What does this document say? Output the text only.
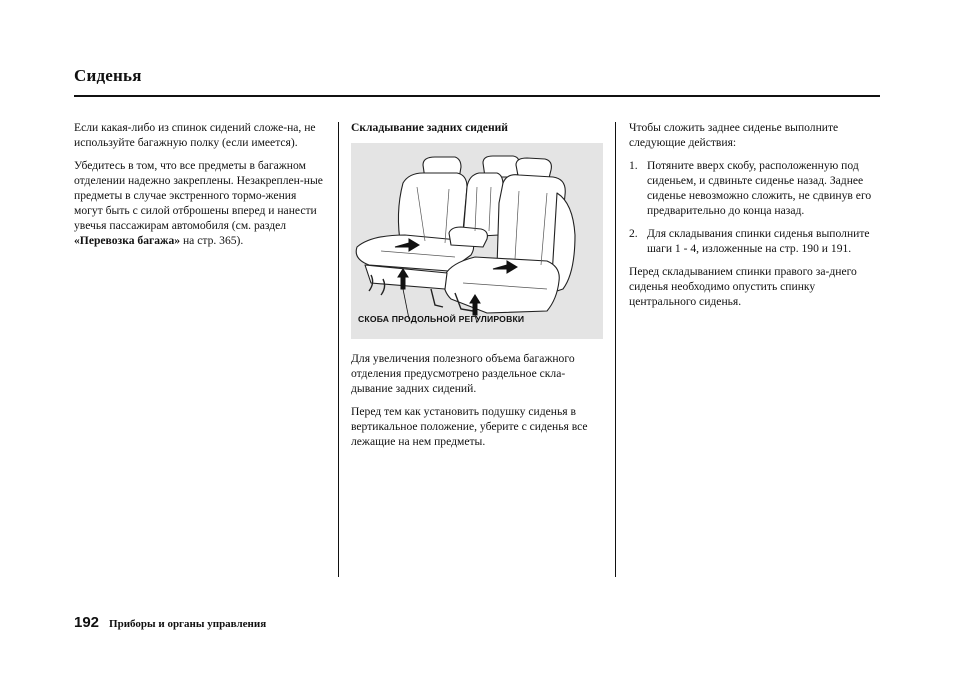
Сиденья

Если какая-либо из спинок сидений сложе-на, не используйте багажную полку (если имеется).

Убедитесь в том, что все предметы в багажном отделении надежно закреплены. Незакреплен-ные предметы в случае экстренного тормо-жения могут быть с силой отброшены вперед и нанести увечья пассажирам автомобиля (см. раздел «Перевозка багажа» на стр. 365).

Складывание задних сидений
СКОБА ПРОДОЛЬНОЙ РЕГУЛИРОВКИ

Для увеличения полезного объема багажного отделения предусмотрено раздельное скла-дывание задних сидений.

Перед тем как установить подушку сиденья в вертикальное положение, уберите с сиденья все лежащие на нем предметы.

Чтобы сложить заднее сиденье выполните следующие действия:

1. Потяните вверх скобу, расположенную под сиденьем, и сдвиньте сиденье назад. Заднее сиденье невозможно сложить, не сдвинув его предварительно до конца назад.
2. Для складывания спинки сиденья выполните шаги 1 - 4, изложенные на стр. 190 и 191.

Перед складыванием спинки правого за-днего сиденья необходимо опустить спинку центрального сиденья.

192 Приборы и органы управления
